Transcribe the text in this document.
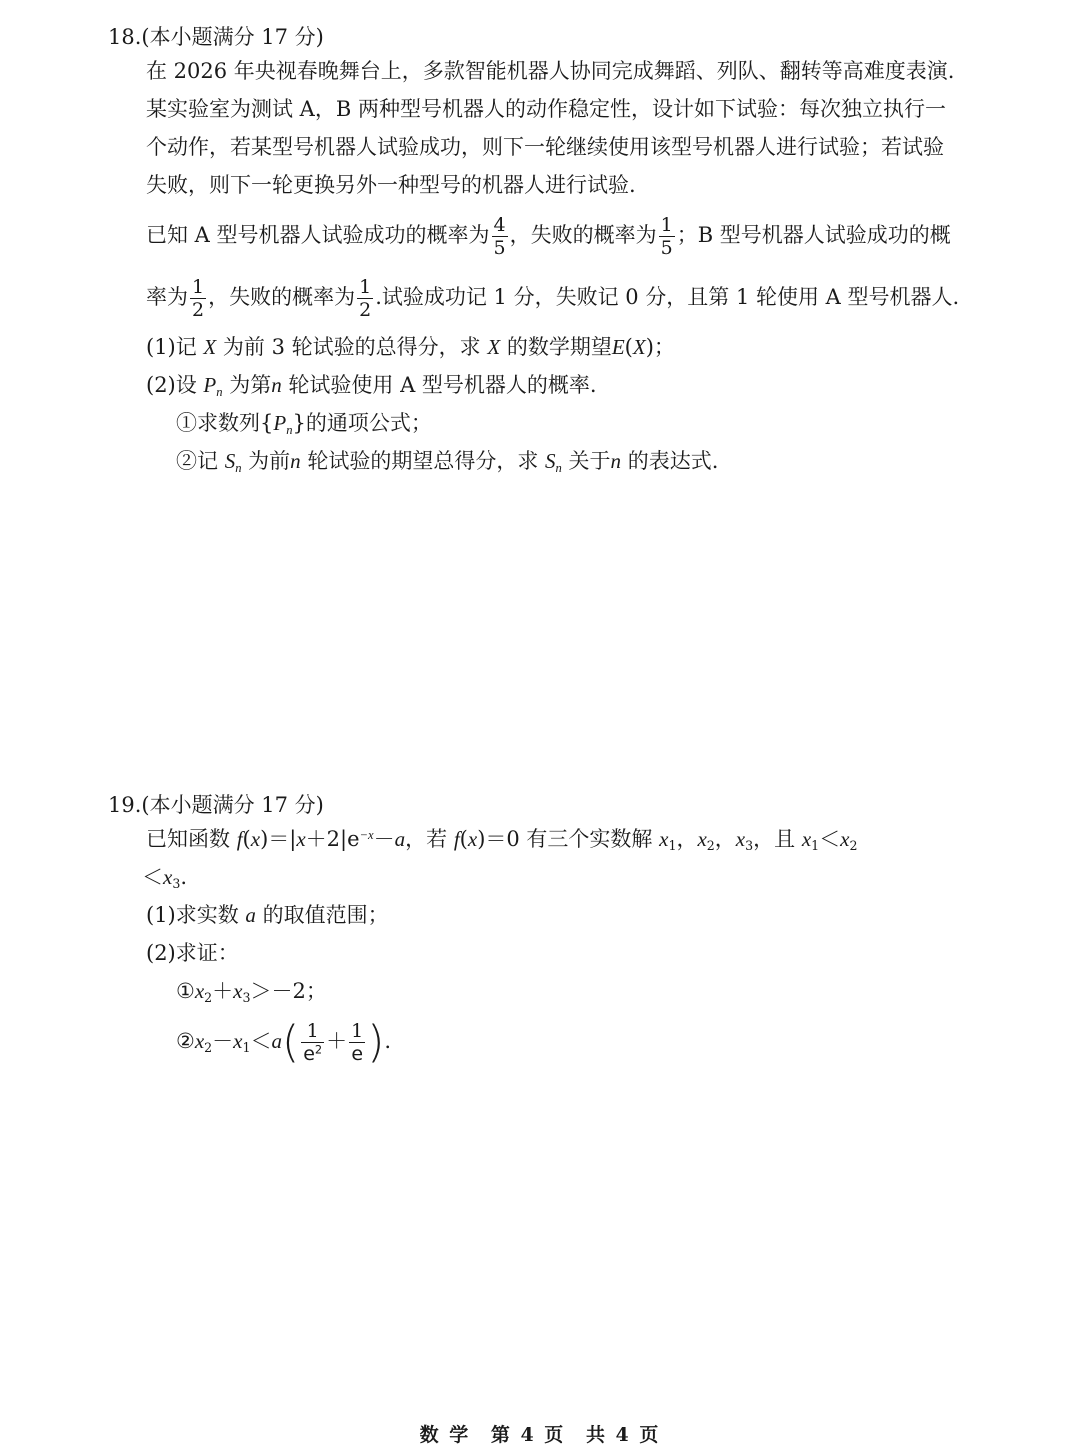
18.(本小题满分 17 分)
在 2026 年央视春晚舞台上，多款智能机器人协同完成舞蹈、列队、翻转等高难度表演.
某实验室为测试 A，B 两种型号机器人的动作稳定性，设计如下试验：每次独立执行一
个动作，若某型号机器人试验成功，则下一轮继续使用该型号机器人进行试验；若试验
失败，则下一轮更换另外一种型号的机器人进行试验.
已知 A 型号机器人试验成功的概率为 $\frac{4}{5}$ ，失败的概率为 $\frac{1}{5}$ ；B 型号机器人试验成功的概
率为 $\frac{1}{2}$ ，失败的概率为 $\frac{1}{2}$ .试验成功记 1 分，失败记 0 分，且第 1 轮使用 A 型号机器人.
(1)记 X 为前 3 轮试验的总得分，求 X 的数学期望E(X)；
(2)设 $P_n$ 为第n 轮试验使用 A 型号机器人的概率.
①求数列$\{P_n\}$的通项公式；
②记 $S_n$ 为前n 轮试验的期望总得分，求 $S_n$ 关于n 的表达式.
19.(本小题满分 17 分)
已知函数 $f(x)=|x+2|e^{-x}-a$，若 f(x)＝0 有三个实数解 $x_1$，$x_2$，$x_3$，且 $x_1<x_2$
$<x_3$.
(1)求实数 a 的取值范围；
(2)求证：
$①x_2+x_3>-2$；
$②x_2-x_1<a( \frac{1}{e^2} + \frac{1}{e}$ ).
数 学 第 4 页 共 4 页
